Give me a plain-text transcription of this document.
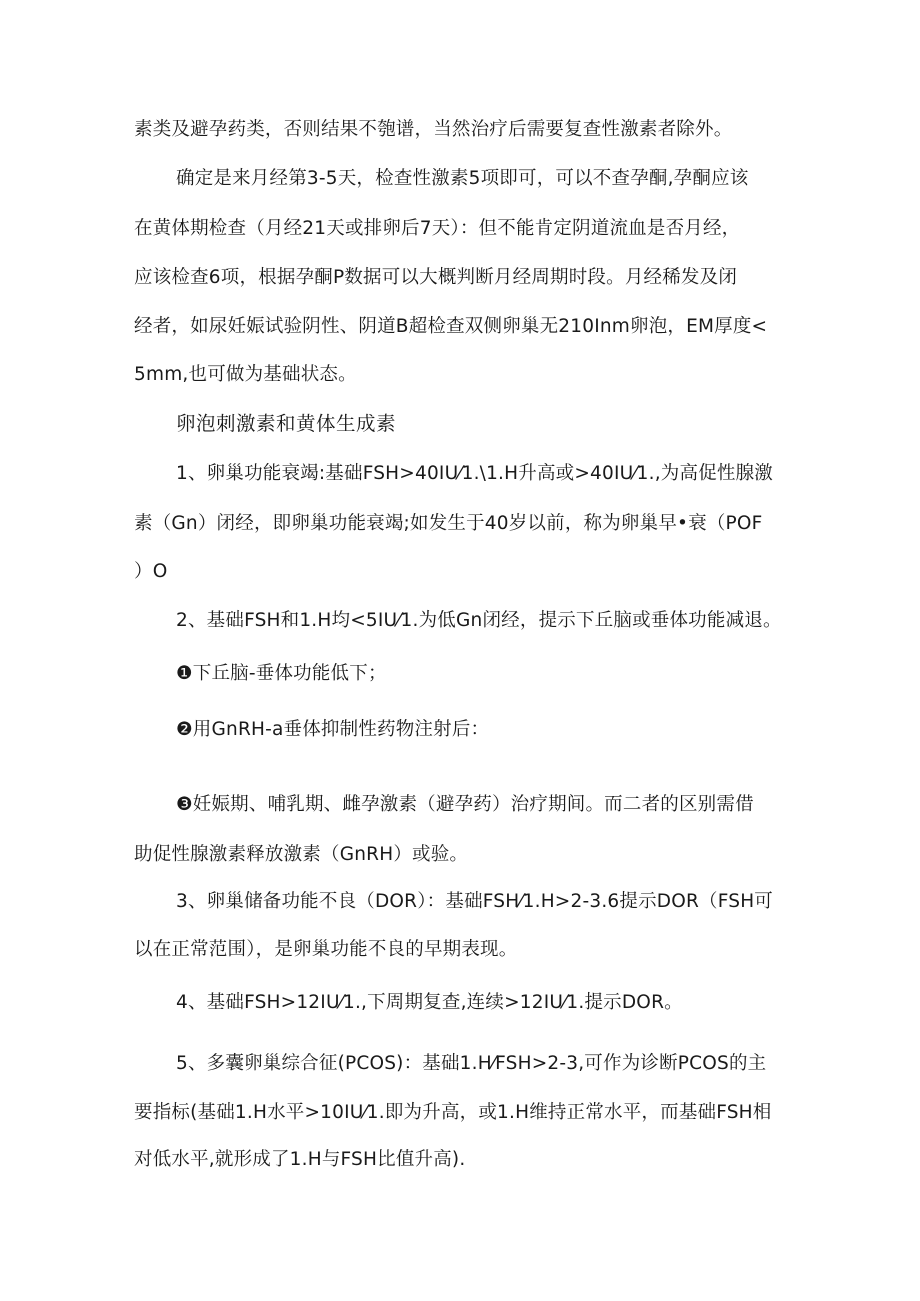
素类及避孕药类，否则结果不匏谱，当然治疗后需要复查性激素者除外。
确定是来月经第3-5天，检查性激素5项即可，可以不查孕酮,孕酮应该
在黄体期检查（月经21天或排卵后7天）：但不能肯定阴道流血是否月经，
应该检查6项，根据孕酮P数据可以大概判断月经周期时段。月经稀发及闭
经者，如尿妊娠试验阴性、阴道B超检查双侧卵巢无210Inm卵泡，EM厚度<
5mm,也可做为基础状态。
卵泡刺激素和黄体生成素
1、卵巢功能衰竭:基础FSH>40IU⁄1.\1.H升高或>40IU⁄1.,为高促性腺激
素（Gn）闭经，即卵巢功能衰竭;如发生于40岁以前，称为卵巢早•衰（POF
）O
2、基础FSH和1.H均<5IU⁄1.为低Gn闭经，提示下丘脑或垂体功能减退。
❶下丘脑-垂体功能低下；
❷用GnRH-a垂体抑制性药物注射后：
❸妊娠期、哺乳期、雌孕激素（避孕药）治疗期间。而二者的区别需借
助促性腺激素释放激素（GnRH）或验。
3、卵巢储备功能不良（DOR）：基础FSH⁄1.H>2-3.6提示DOR（FSH可
以在正常范围），是卵巢功能不良的早期表现。
4、基础FSH>12IU⁄1.,下周期复查,连续>12IU⁄1.提示DOR。
5、多囊卵巢综合征(PCOS)：基础1.H⁄FSH>2-3,可作为诊断PCOS的主
要指标(基础1.H水平>10IU⁄1.即为升高，或1.H维持正常水平，而基础FSH相
对低水平,就形成了1.H与FSH比值升高).
